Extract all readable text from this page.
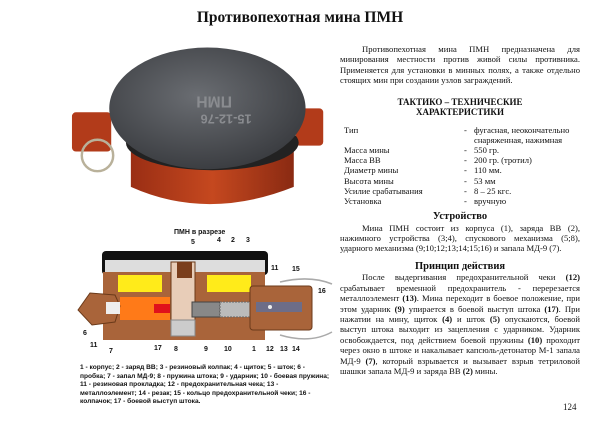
Противопехотная мина ПМН
ПМН
15-12-76
ПМН в разрезе
5	4 2 3
11 15
16
6
11
7	17 8	9 10	1 12 13 14
1 - корпус; 2 - заряд ВВ; 3 - резиновый колпак; 4 - щиток; 5 - шток; 6 - пробка; 7 - запал МД-9; 8 - пружина штока; 9 - ударник; 10 - боевая пружина; 11 - резиновая прокладка; 12 - предохранительная чека; 13 - металлоэлемент; 14 - резак; 15 - кольцо предохранительной чеки; 16 - колпачок; 17 - боевой выступ штока.

Противопехотная мина ПМН предназначена для минирования местности против живой силы противника. Применяется для установки в минных полях, а также отдельно стоящих мин при создании узлов заграждений.

ТАКТИКО – ТЕХНИЧЕСКИЕ ХАРАКТЕРИСТИКИ
Тип	-	фугасная, неокончательно снаряженная, нажимная
Масса мины	-	550 гр.
Масса ВВ	-	200 гр. (тротил)
Диаметр мины	-	110 мм.
Высота мины	-	53 мм
Усилие срабатывания	-	8 – 25 кгс.
Установка	-	вручную
Устройство

Мина ПМН состоит из корпуса (1), заряда ВВ (2), нажимного устройства (3;4), спускового механизма (5;8), ударного механизма (9;10;12;13;14;15;16) и запала МД-9 (7).

Принцип действия

После выдергивания предохранительной чеки (12) срабатывает временной предохранитель - перерезается металлоэлемент (13). Мина переходит в боевое положение, при этом ударник (9) упирается в боевой выступ штока (17). При нажатии на мину, щиток (4) и шток (5) опускаются, боевой выступ штока выходит из зацепления с ударником. Ударник освобождается, под действием боевой пружины (10) проходит через окно в штоке и накалывает капсюль-детонатор М-1 запала МД-9 (7), который взрывается и вызывает взрыв тетриловой шашки запала МД-9 и заряда ВВ (2) мины.

124
